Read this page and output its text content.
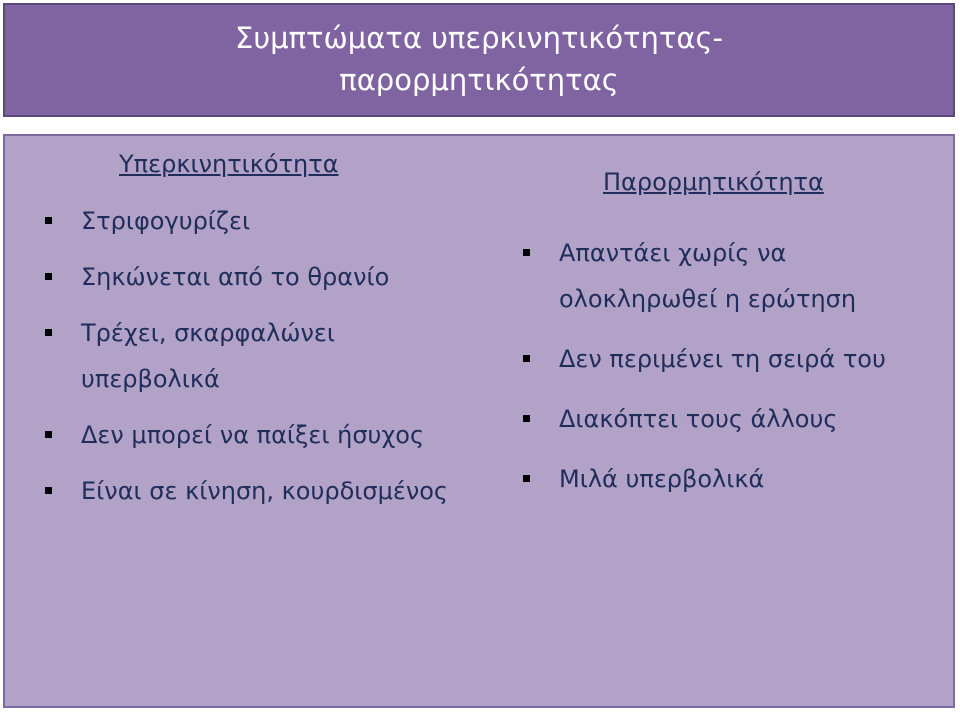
Συμπτώματα υπερκινητικότητας-
παρορμητικότητας
Υπερκινητικότητα
Στριφογυρίζει
Σηκώνεται από το θρανίο
Τρέχει, σκαρφαλώνει υπερβολικά
Δεν μπορεί να παίξει ήσυχος
Είναι σε κίνηση, κουρδισμένος
Παρορμητικότητα
Απαντάει χωρίς να ολοκληρωθεί η ερώτηση
Δεν περιμένει τη σειρά του
Διακόπτει τους άλλους
Μιλά υπερβολικά
